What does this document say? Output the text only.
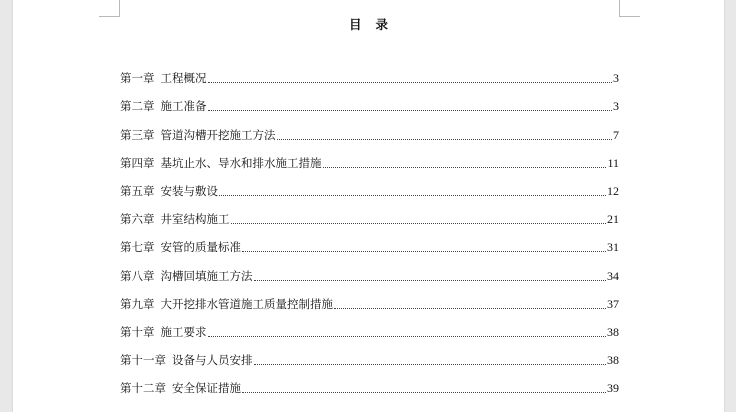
目 录
第一章 工程概况	3
第二章 施工准备	3
第三章 管道沟槽开挖施工方法	7
第四章 基坑止水、导水和排水施工措施	11
第五章 安装与敷设	12
第六章 井室结构施工	21
第七章 安管的质量标准	31
第八章 沟槽回填施工方法	34
第九章 大开挖排水管道施工质量控制措施	37
第十章 施工要求	38
第十一章 设备与人员安排	38
第十二章 安全保证措施	39
